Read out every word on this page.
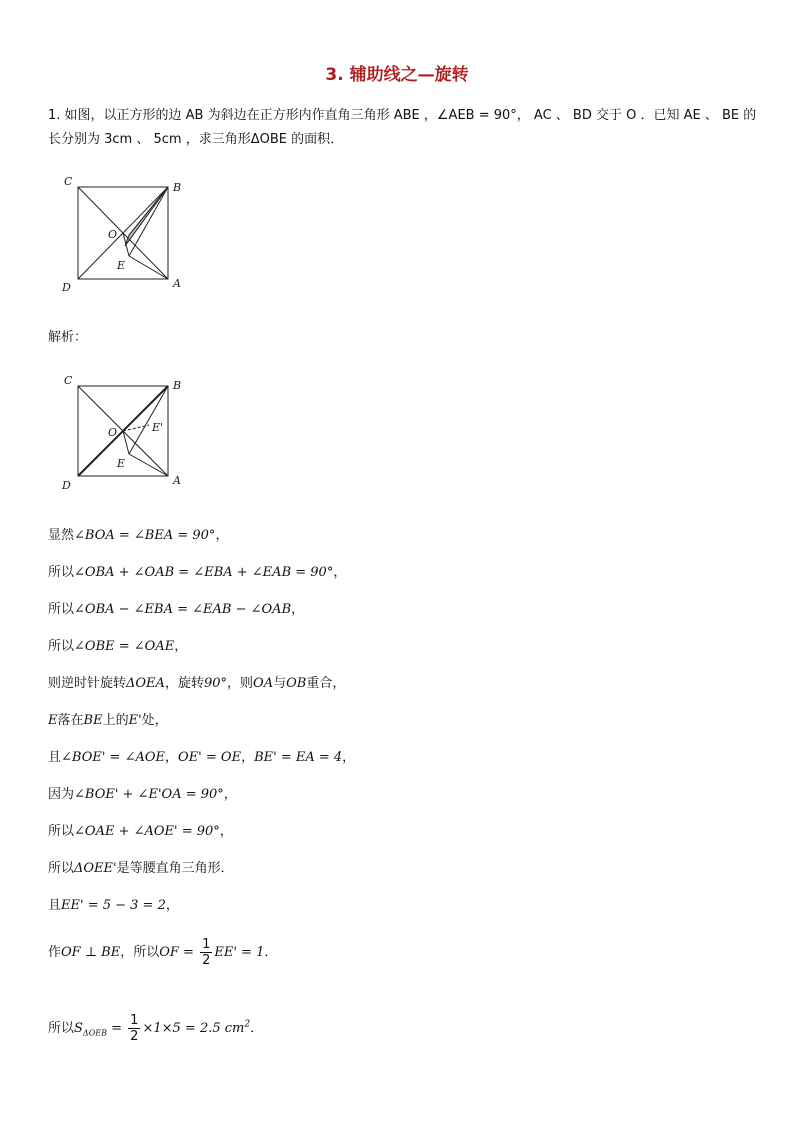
3. 辅助线之—旋转
1. 如图，以正方形的边 AB 为斜边在正方形内作直角三角形 ABE ，∠AEB = 90°， AC 、 BD 交于 O ．已知 AE 、 BE 的长分别为 3cm 、 5cm ，求三角形ΔOBE 的面积．
C	B
O
E
D	A
解析：
C	B
O
E
E'
D	A
显然∠BOA = ∠BEA = 90°，
所以∠OBA + ∠OAB = ∠EBA + ∠EAB = 90°，
所以∠OBA − ∠EBA = ∠EAB − ∠OAB，
所以∠OBE = ∠OAE，
则逆时针旋转ΔOEA，旋转90°，则OA与OB重合，
E落在BE上的E'处，
且∠BOE' = ∠AOE，OE' = OE，BE' = EA = 4，
因为∠BOE' + ∠E'OA = 90°，
所以∠OAE + ∠AOE' = 90°，
所以ΔOEE'是等腰直角三角形．
且EE' = 5 − 3 = 2，
作OF ⊥ BE，所以OF = $\frac{1}{2} EE' = 1$．
所以$S_{\Delta OEB} = \frac{1}{2} \times 1\times 5 = 2.5$ $cm^2$．
